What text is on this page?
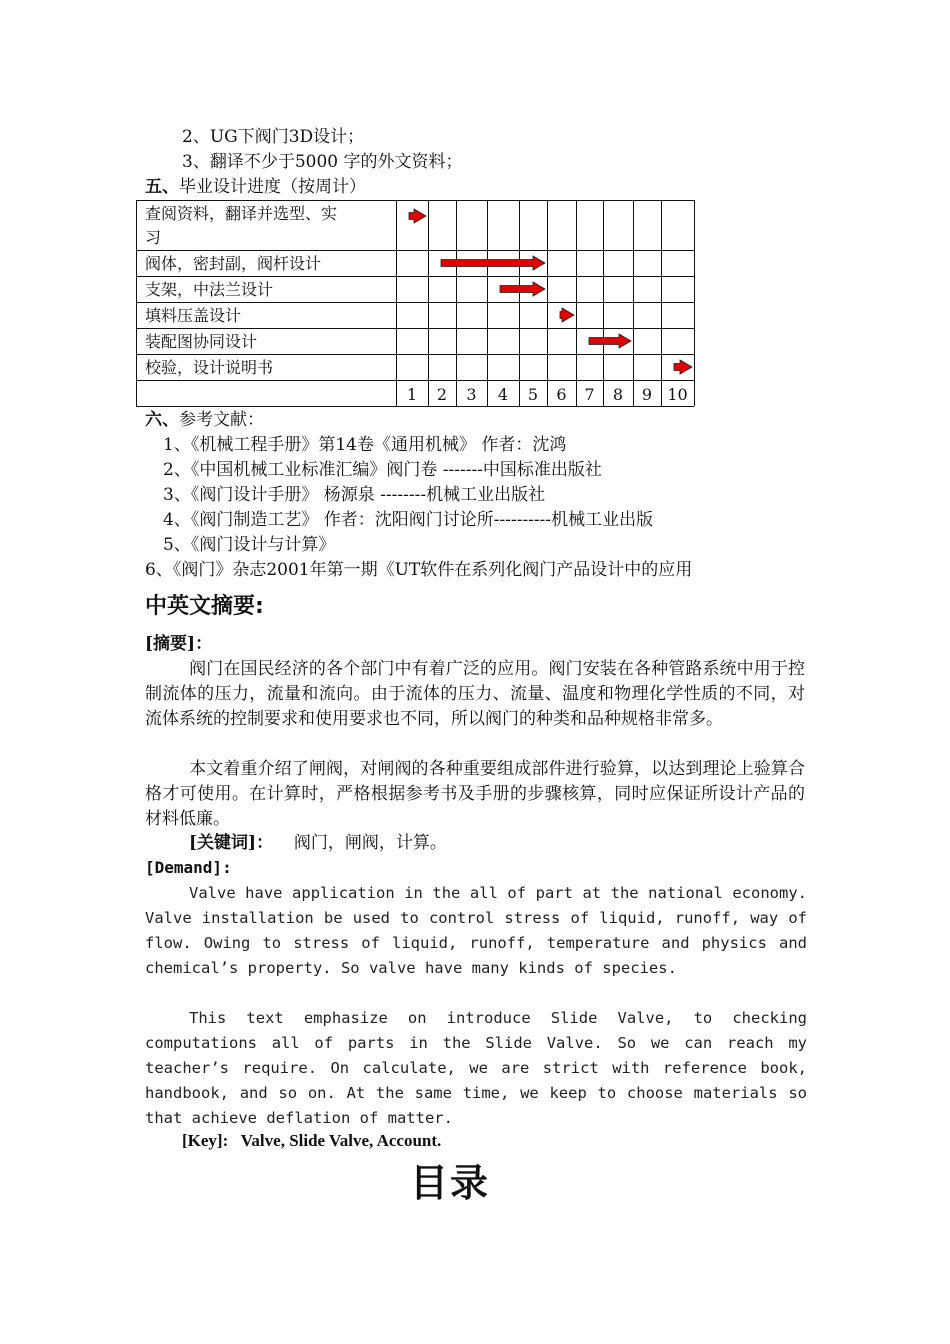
2、UG下阀门3D设计；
3、翻译不少于5000 字的外文资料；
五、毕业设计进度（按周计）
查阅资料，翻译并选型、实
习
阀体，密封副，阀杆设计
支架，中法兰设计
填料压盖设计
装配图协同设计
校验，设计说明书
1 2 3 4 5 6 7 8 9 10
六、参考文献：
1、《机械工程手册》第14卷《通用机械》 作者：沈鸿
2、《中国机械工业标准汇编》阀门卷 -------中国标准出版社
3、《阀门设计手册》 杨源泉 --------机械工业出版社
4、《阀门制造工艺》 作者：沈阳阀门讨论所----------机械工业出版
5、《阀门设计与计算》
6、《阀门》杂志2001年第一期《UT软件在系列化阀门产品设计中的应用
中英文摘要:
[摘要]：
阀门在国民经济的各个部门中有着广泛的应用。阀门安装在各种管路系统中用于控制流体的压力，流量和流向。由于流体的压力、流量、温度和物理化学性质的不同，对流体系统的控制要求和使用要求也不同，所以阀门的种类和品种规格非常多。
本文着重介绍了闸阀，对闸阀的各种重要组成部件进行验算，以达到理论上验算合格才可使用。在计算时，严格根据参考书及手册的步骤核算，同时应保证所设计产品的材料低廉。
[关键词]： 阀门，闸阀，计算。
[Demand]:
Valve have application in the all of part at the national economy. Valve installation be used to control stress of liquid, runoff, way of flow. Owing to stress of liquid, runoff, temperature and physics and chemical’s property. So valve have many kinds of species.
This text emphasize on introduce Slide Valve, to checking computations all of parts in the Slide Valve. So we can reach my teacher’s require. On calculate, we are strict with reference book, handbook, and so on. At the same time, we keep to choose materials so that achieve deflation of matter.
[Key]: Valve, Slide Valve, Account.
目录
